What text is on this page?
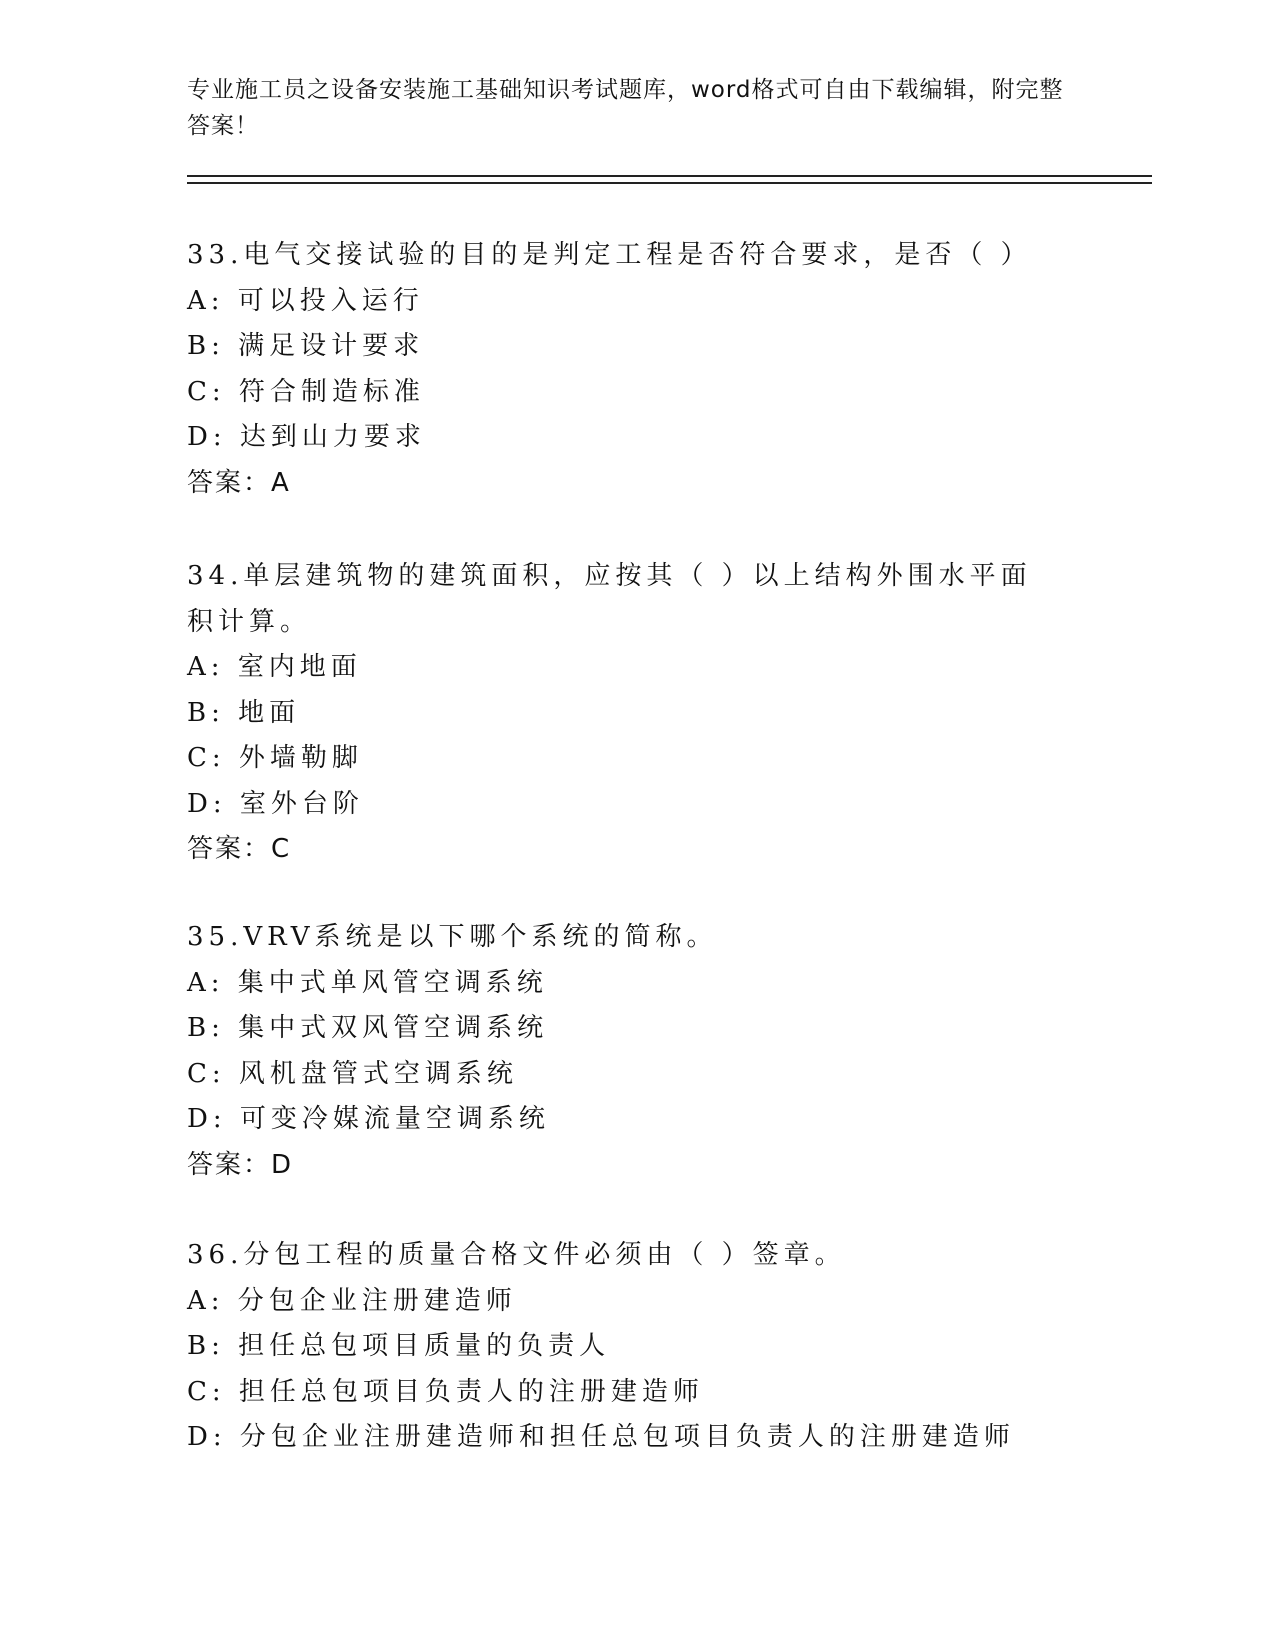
专业施工员之设备安装施工基础知识考试题库，word格式可自由下载编辑，附完整答案！
33.电气交接试验的目的是判定工程是否符合要求，是否（ ）
A: 可以投入运行
B: 满足设计要求
C: 符合制造标准
D: 达到山力要求
答案：A
34.单层建筑物的建筑面积，应按其（ ）以上结构外围水平面积计算。
A: 室内地面
B: 地面
C: 外墙勒脚
D: 室外台阶
答案：C
35.VRV系统是以下哪个系统的简称。
A: 集中式单风管空调系统
B: 集中式双风管空调系统
C: 风机盘管式空调系统
D: 可变冷媒流量空调系统
答案：D
36.分包工程的质量合格文件必须由（ ）签章。
A: 分包企业注册建造师
B: 担任总包项目质量的负责人
C: 担任总包项目负责人的注册建造师
D: 分包企业注册建造师和担任总包项目负责人的注册建造师
